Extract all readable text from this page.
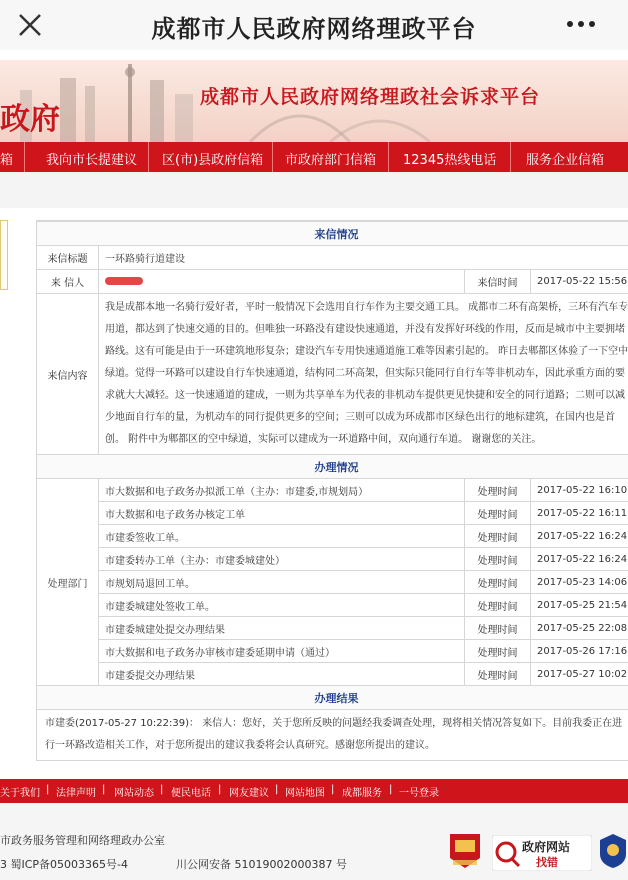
成都市人民政府网络理政平台
政府
成都市人民政府网络理政社会诉求平台
箱	我向市长提建议 区(市)县政府信箱 市政府部门信箱 12345热线电话 服务企业信箱
来信情况			
来信标题	一环路骑行道建设		
来 信人		来信时间	2017-05-22 15:56
来信内容	我是成都本地一名骑行爱好者，平时一般情况下会选用自行车作为主要交通工具。 成都市二环有高架桥，三环有汽车专用道，都达到了快速交通的目的。但唯独一环路没有建设快速通道，并没有发挥好环线的作用，反而是城市中主要拥堵路线。这有可能是由于一环建筑地形复杂；建设汽车专用快速通道施工难等因素引起的。 昨日去郫都区体验了一下空中绿道。觉得一环路可以建设自行车快速通道，结构同二环高架，但实际只能同行自行车等非机动车，因此承重方面的要求就大大减轻。这一快速通道的建成，一则为共享单车为代表的非机动车提供更见快捷和安全的同行道路；二则可以减少地面自行车的量，为机动车的同行提供更多的空间；三则可以成为环成都市区绿色出行的地标建筑，在国内也是首创。 附件中为郫都区的空中绿道，实际可以建成为一环道路中间，双向通行车道。 谢谢您的关注。		
办理情况			
处理部门	市大数据和电子政务办拟派工单（主办：市建委,市规划局）	处理时间	2017-05-22 16:10
	市大数据和电子政务办核定工单	处理时间	2017-05-22 16:11
	市建委签收工单。	处理时间	2017-05-22 16:24
	市建委转办工单（主办：市建委城建处）	处理时间	2017-05-22 16:24
	市规划局退回工单。	处理时间	2017-05-23 14:06
	市建委城建处签收工单。	处理时间	2017-05-25 21:54
	市建委城建处提交办理结果	处理时间	2017-05-25 22:08
	市大数据和电子政务办审核市建委延期申请（通过）	处理时间	2017-05-26 17:16
	市建委提交办理结果	处理时间	2017-05-27 10:02
办理结果			
市建委(2017-05-27 10:22:39)： 来信人：您好，关于您所反映的问题经我委调查处理，现将相关情况答复如下。目前我委正在进行一环路改造相关工作，对于您所提出的建议我委将会认真研究。感谢您所提出的建议。			
关于我们 | 法律声明 | 网站动态 | 便民电话 | 网友建议 | 网站地图 | 成都服务 | 一号登录
市政务服务管理和网络理政办公室
3 蜀ICP备05003365号-4	川公网安备 51019002000387 号
政府网站
找错
